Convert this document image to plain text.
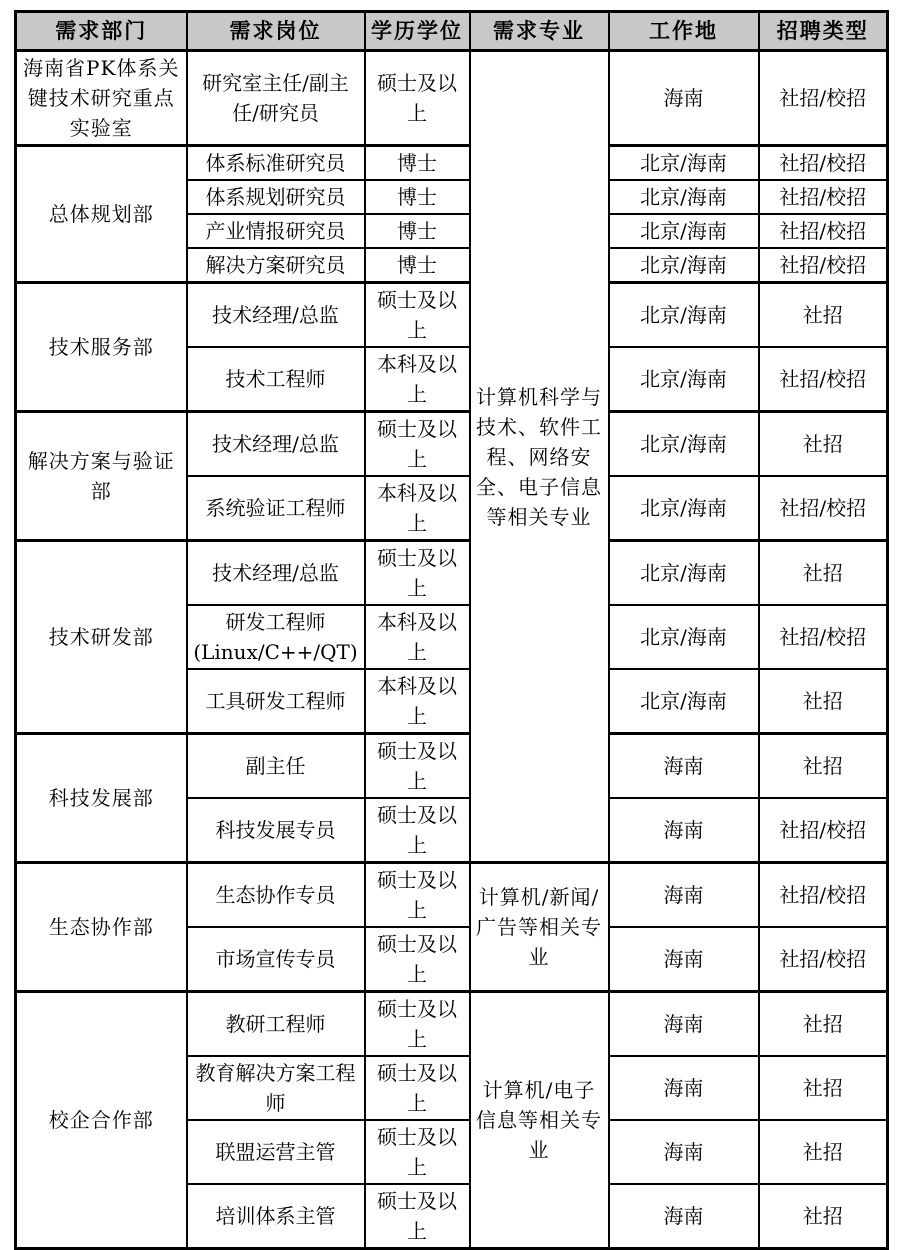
需求部门	需求岗位	学历学位	需求专业	工作地	招聘类型
海南省PK体系关键技术研究重点实验室	研究室主任/副主任/研究员	硕士及以上	计算机科学与技术、软件工程、网络安全、电子信息等相关专业	海南	社招/校招
总体规划部	体系标准研究员	博士		北京/海南	社招/校招
	体系规划研究员	博士		北京/海南	社招/校招
	产业情报研究员	博士		北京/海南	社招/校招
	解决方案研究员	博士		北京/海南	社招/校招
技术服务部	技术经理/总监	硕士及以上		北京/海南	社招
	技术工程师	本科及以上		北京/海南	社招/校招
解决方案与验证部	技术经理/总监	硕士及以上		北京/海南	社招
	系统验证工程师	本科及以上		北京/海南	社招/校招
技术研发部	技术经理/总监	硕士及以上		北京/海南	社招
	研发工程师(Linux/C++/QT)	本科及以上		北京/海南	社招/校招
	工具研发工程师	本科及以上		北京/海南	社招
科技发展部	副主任	硕士及以上		海南	社招
	科技发展专员	硕士及以上		海南	社招/校招
生态协作部	生态协作专员	硕士及以上	计算机/新闻/广告等相关专业	海南	社招/校招
	市场宣传专员	硕士及以上		海南	社招/校招
校企合作部	教研工程师	硕士及以上	计算机/电子信息等相关专业	海南	社招
	教育解决方案工程师	硕士及以上		海南	社招
	联盟运营主管	硕士及以上		海南	社招
	培训体系主管	硕士及以上		海南	社招
